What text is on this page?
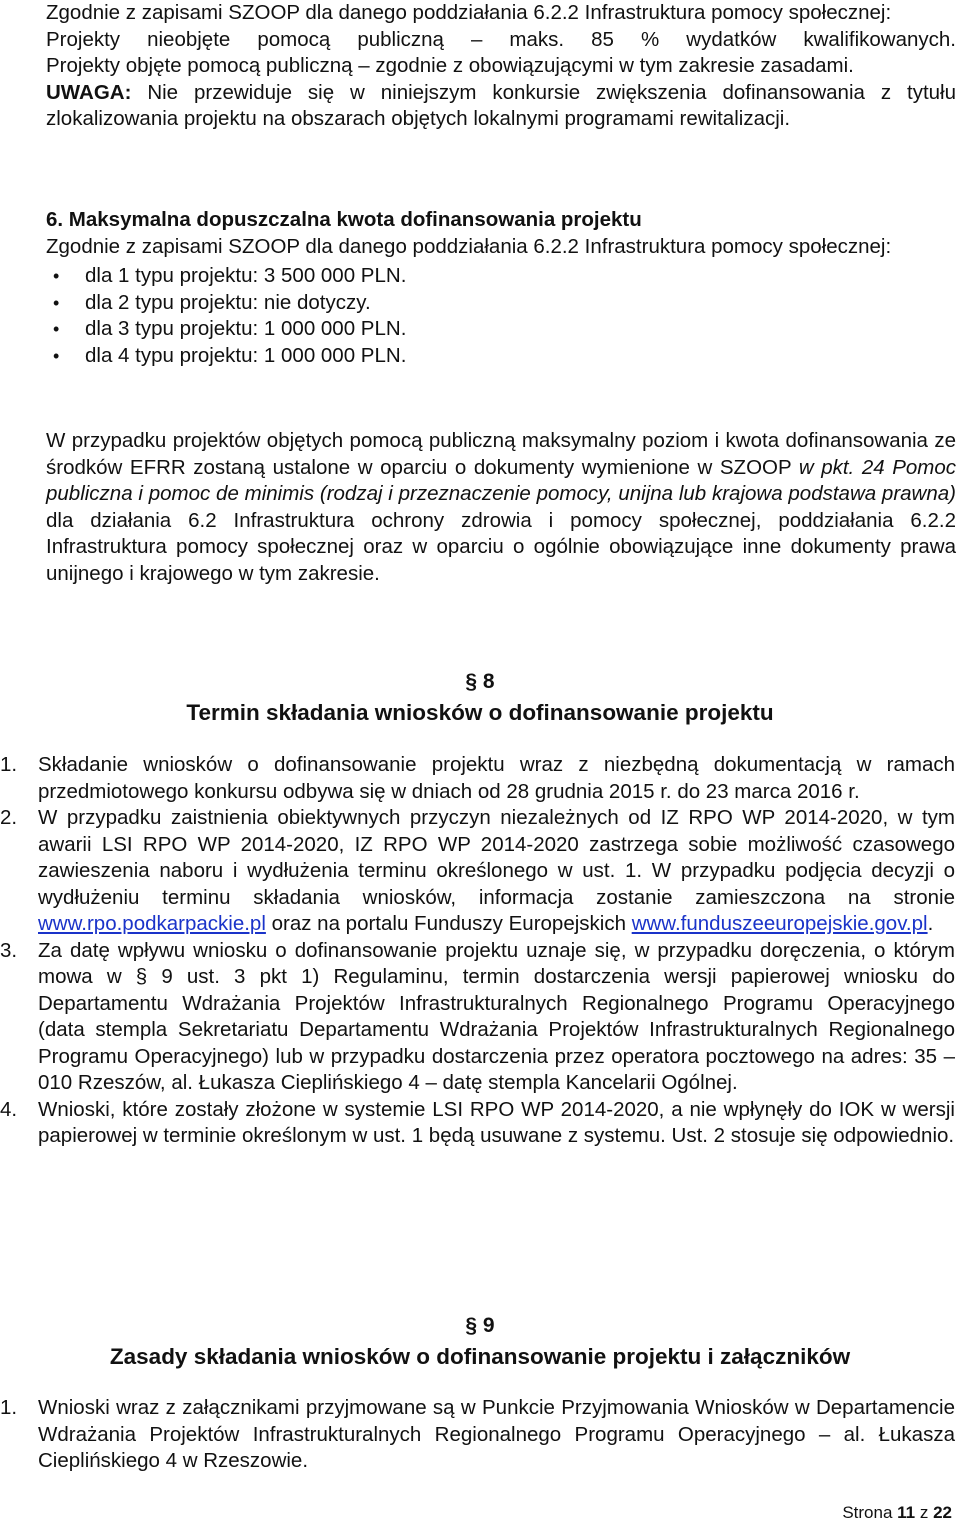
Zgodnie z zapisami SZOOP dla danego poddziałania 6.2.2 Infrastruktura pomocy społecznej:

Projekty nieobjęte pomocą publiczną – maks. 85 % wydatków kwalifikowanych.

Projekty objęte pomocą publiczną – zgodnie z obowiązującymi w tym zakresie zasadami.

UWAGA: Nie przewiduje się w niniejszym konkursie zwiększenia dofinansowania z tytułu zlokalizowania projektu na obszarach objętych lokalnymi programami rewitalizacji.

6. Maksymalna dopuszczalna kwota dofinansowania projektu

Zgodnie z zapisami SZOOP dla danego poddziałania 6.2.2 Infrastruktura pomocy społecznej:

• dla 1 typu projektu: 3 500 000 PLN.
• dla 2 typu projektu: nie dotyczy.
• dla 3 typu projektu: 1 000 000 PLN.
• dla 4 typu projektu: 1 000 000 PLN.

W przypadku projektów objętych pomocą publiczną maksymalny poziom i kwota dofinansowania ze środków EFRR zostaną ustalone w oparciu o dokumenty wymienione w SZOOP w pkt. 24 Pomoc publiczna i pomoc de minimis (rodzaj i przeznaczenie pomocy, unijna lub krajowa podstawa prawna) dla działania 6.2 Infrastruktura ochrony zdrowia i pomocy społecznej, poddziałania 6.2.2 Infrastruktura pomocy społecznej oraz w oparciu o ogólnie obowiązujące inne dokumenty prawa unijnego i krajowego w tym zakresie.

§ 8
Termin składania wniosków o dofinansowanie projektu
1. Składanie wniosków o dofinansowanie projektu wraz z niezbędną dokumentacją w ramach przedmiotowego konkursu odbywa się w dniach od 28 grudnia 2015 r. do 23 marca 2016 r.
2. W przypadku zaistnienia obiektywnych przyczyn niezależnych od IZ RPO WP 2014-2020, w tym awarii LSI RPO WP 2014-2020, IZ RPO WP 2014-2020 zastrzega sobie możliwość czasowego zawieszenia naboru i wydłużenia terminu określonego w ust. 1. W przypadku podjęcia decyzji o wydłużeniu terminu składania wniosków, informacja zostanie zamieszczona na stronie www.rpo.podkarpackie.pl oraz na portalu Funduszy Europejskich www.funduszeeuropejskie.gov.pl.
3. Za datę wpływu wniosku o dofinansowanie projektu uznaje się, w przypadku doręczenia, o którym mowa w § 9 ust. 3 pkt 1) Regulaminu, termin dostarczenia wersji papierowej wniosku do Departamentu Wdrażania Projektów Infrastrukturalnych Regionalnego Programu Operacyjnego (data stempla Sekretariatu Departamentu Wdrażania Projektów Infrastrukturalnych Regionalnego Programu Operacyjnego) lub w przypadku dostarczenia przez operatora pocztowego na adres: 35 – 010 Rzeszów, al. Łukasza Cieplińskiego 4 – datę stempla Kancelarii Ogólnej.
4. Wnioski, które zostały złożone w systemie LSI RPO WP 2014-2020, a nie wpłynęły do IOK w wersji papierowej w terminie określonym w ust. 1 będą usuwane z systemu. Ust. 2 stosuje się odpowiednio.
§ 9
Zasady składania wniosków o dofinansowanie projektu i załączników
1. Wnioski wraz z załącznikami przyjmowane są w Punkcie Przyjmowania Wniosków w Departamencie Wdrażania Projektów Infrastrukturalnych Regionalnego Programu Operacyjnego – al. Łukasza Cieplińskiego 4 w Rzeszowie.
Strona 11 z 22
